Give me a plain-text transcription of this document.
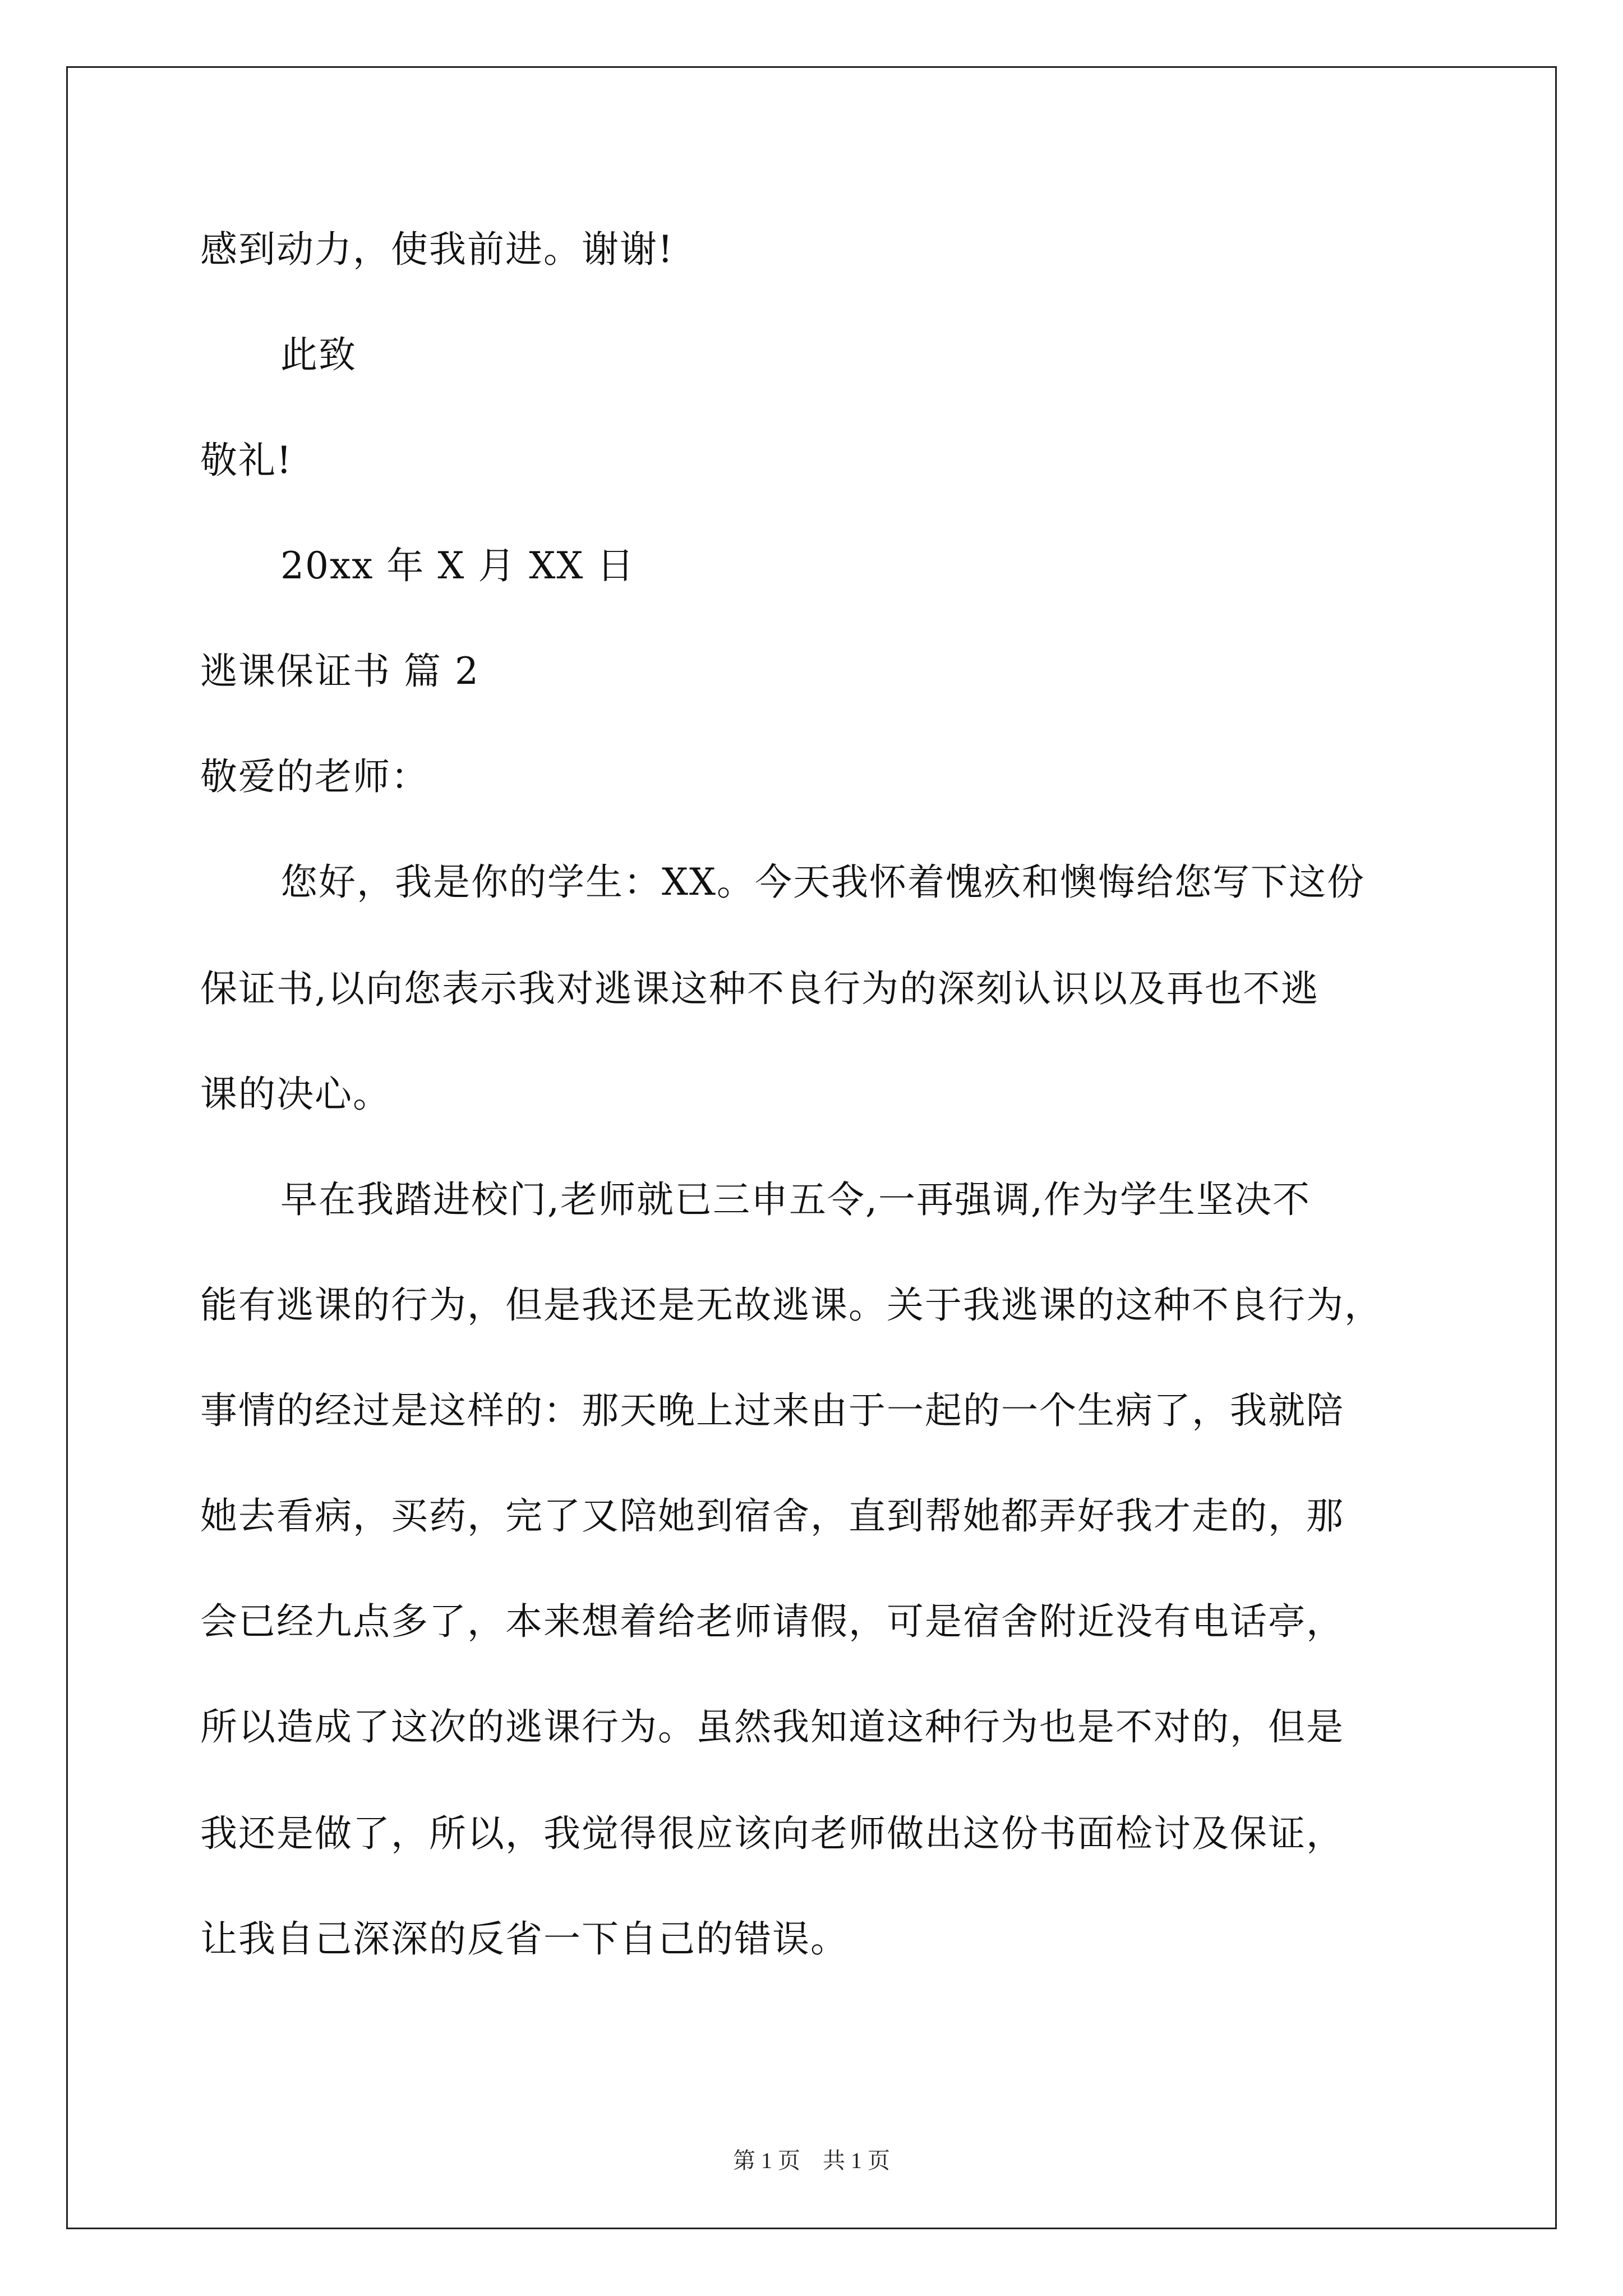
感到动力，使我前进。谢谢!
此致
敬礼!
20xx 年 X 月 XX 日
逃课保证书 篇 2
敬爱的老师：
您好，我是你的学生：XX。今天我怀着愧疚和懊悔给您写下这份
保证书,以向您表示我对逃课这种不良行为的深刻认识以及再也不逃
课的决心。
早在我踏进校门,老师就已三申五令,一再强调,作为学生坚决不
能有逃课的行为，但是我还是无故逃课。关于我逃课的这种不良行为，
事情的经过是这样的：那天晚上过来由于一起的一个生病了，我就陪
她去看病，买药，完了又陪她到宿舍，直到帮她都弄好我才走的，那
会已经九点多了，本来想着给老师请假，可是宿舍附近没有电话亭，
所以造成了这次的逃课行为。虽然我知道这种行为也是不对的，但是
我还是做了，所以，我觉得很应该向老师做出这份书面检讨及保证，
让我自己深深的反省一下自己的错误。
第 1 页　共 1 页
